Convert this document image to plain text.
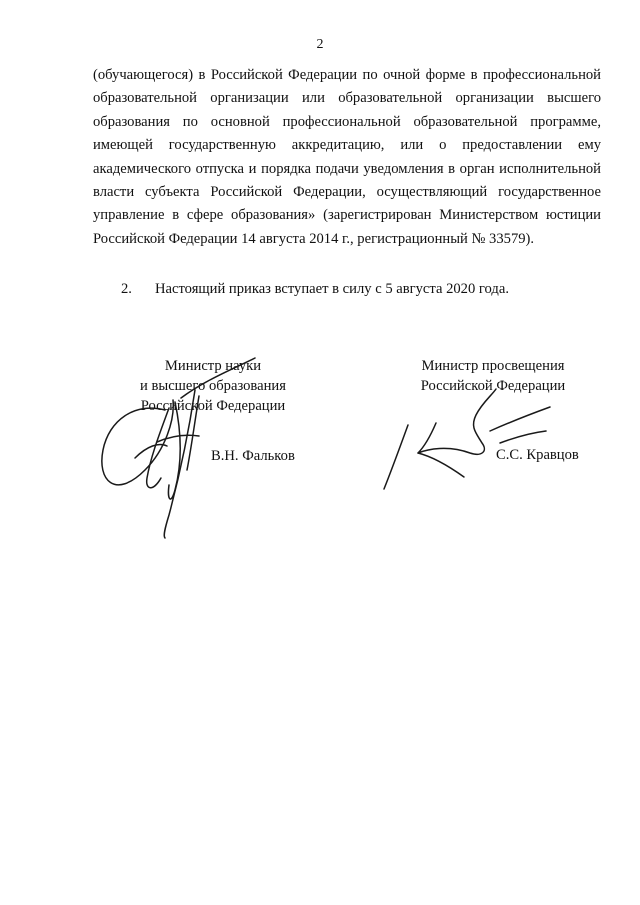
2

(обучающегося) в Российской Федерации по очной форме в профессиональной образовательной организации или образовательной организации высшего образования по основной профессиональной образовательной программе, имеющей государственную аккредитацию, или о предоставлении ему академического отпуска и порядка подачи уведомления в орган исполнительной власти субъекта Российской Федерации, осуществляющий государственное управление в сфере образования» (зарегистрирован Министерством юстиции Российской Федерации 14 августа 2014 г., регистрационный № 33579).

2. Настоящий приказ вступает в силу с 5 августа 2020 года.
Министр науки
и высшего образования
Российской Федерации
В.Н. Фальков
Министр просвещения
Российской Федерации
С.С. Кравцов
